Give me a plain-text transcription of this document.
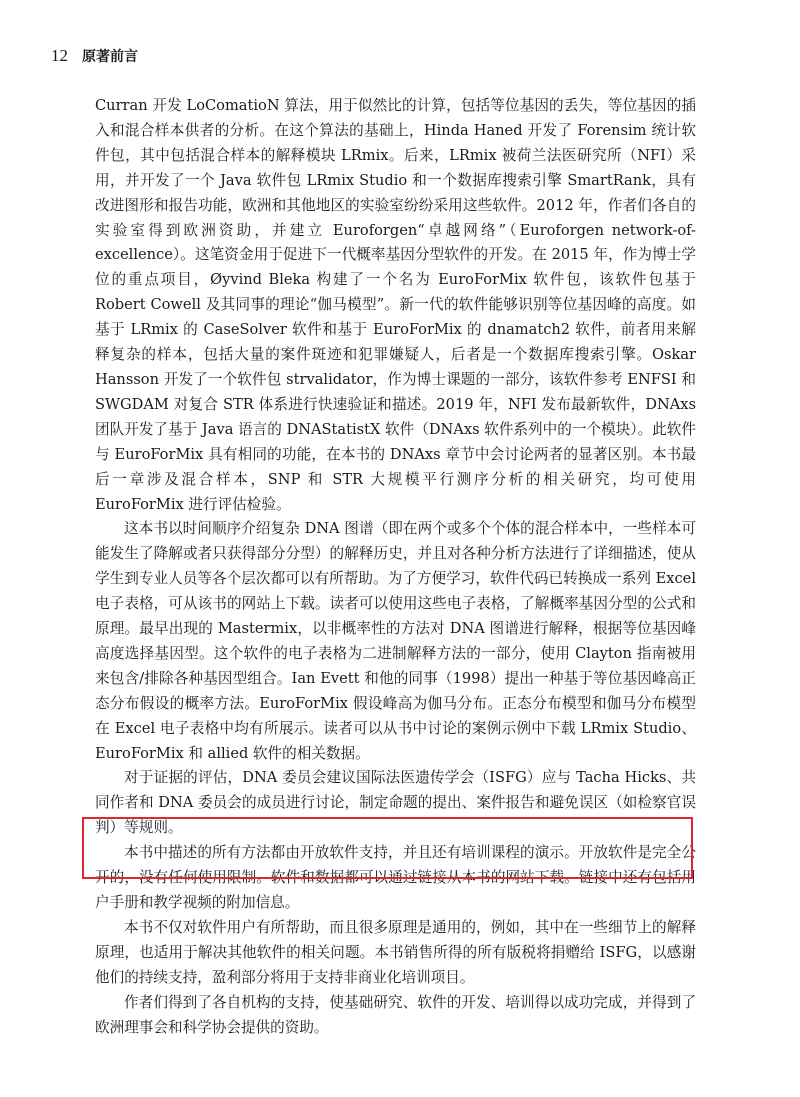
12 原著前言

Curran 开发 LoComatioN 算法，用于似然比的计算，包括等位基因的丢失，等位基因的插入和混合样本供者的分析。在这个算法的基础上，Hinda Haned 开发了 Forensim 统计软件包，其中包括混合样本的解释模块 LRmix。后来，LRmix 被荷兰法医研究所（NFI）采用，并开发了一个 Java 软件包 LRmix Studio 和一个数据库搜索引擎 SmartRank，具有改进图形和报告功能，欧洲和其他地区的实验室纷纷采用这些软件。2012 年，作者们各自的实验室得到欧洲资助，并建立 Euroforgen“卓越网络”（Euroforgen network-of-excellence）。这笔资金用于促进下一代概率基因分型软件的开发。在 2015 年，作为博士学位的重点项目，Øyvind Bleka 构建了一个名为 EuroForMix 软件包，该软件包基于 Robert Cowell 及其同事的理论“伽马模型”。新一代的软件能够识别等位基因峰的高度。如基于 LRmix 的 CaseSolver 软件和基于 EuroForMix 的 dnamatch2 软件，前者用来解释复杂的样本，包括大量的案件斑迹和犯罪嫌疑人，后者是一个数据库搜索引擎。Oskar Hansson 开发了一个软件包 strvalidator，作为博士课题的一部分，该软件参考 ENFSI 和 SWGDAM 对复合 STR 体系进行快速验证和描述。2019 年，NFI 发布最新软件，DNAxs 团队开发了基于 Java 语言的 DNAStatistX 软件（DNAxs 软件系列中的一个模块）。此软件与 EuroForMix 具有相同的功能，在本书的 DNAxs 章节中会讨论两者的显著区别。本书最后一章涉及混合样本，SNP 和 STR 大规模平行测序分析的相关研究，均可使用 EuroForMix 进行评估检验。

这本书以时间顺序介绍复杂 DNA 图谱（即在两个或多个个体的混合样本中，一些样本可能发生了降解或者只获得部分分型）的解释历史，并且对各种分析方法进行了详细描述，使从学生到专业人员等各个层次都可以有所帮助。为了方便学习，软件代码已转换成一系列 Excel 电子表格，可从该书的网站上下载。读者可以使用这些电子表格，了解概率基因分型的公式和原理。最早出现的 Mastermix，以非概率性的方法对 DNA 图谱进行解释，根据等位基因峰高度选择基因型。这个软件的电子表格为二进制解释方法的一部分，使用 Clayton 指南被用来包含/排除各种基因型组合。Ian Evett 和他的同事（1998）提出一种基于等位基因峰高正态分布假设的概率方法。EuroForMix 假设峰高为伽马分布。正态分布模型和伽马分布模型在 Excel 电子表格中均有所展示。读者可以从书中讨论的案例示例中下载 LRmix Studio、EuroForMix 和 allied 软件的相关数据。

对于证据的评估，DNA 委员会建议国际法医遗传学会（ISFG）应与 Tacha Hicks、共同作者和 DNA 委员会的成员进行讨论，制定命题的提出、案件报告和避免误区（如检察官误判）等规则。

本书中描述的所有方法都由开放软件支持，并且还有培训课程的演示。开放软件是完全公开的，没有任何使用限制。软件和数据都可以通过链接从本书的网站下载。链接中还有包括用户手册和教学视频的附加信息。

本书不仅对软件用户有所帮助，而且很多原理是通用的，例如，其中在一些细节上的解释原理，也适用于解决其他软件的相关问题。本书销售所得的所有版税将捐赠给 ISFG，以感谢他们的持续支持，盈利部分将用于支持非商业化培训项目。

作者们得到了各自机构的支持，使基础研究、软件的开发、培训得以成功完成，并得到了欧洲理事会和科学协会提供的资助。
